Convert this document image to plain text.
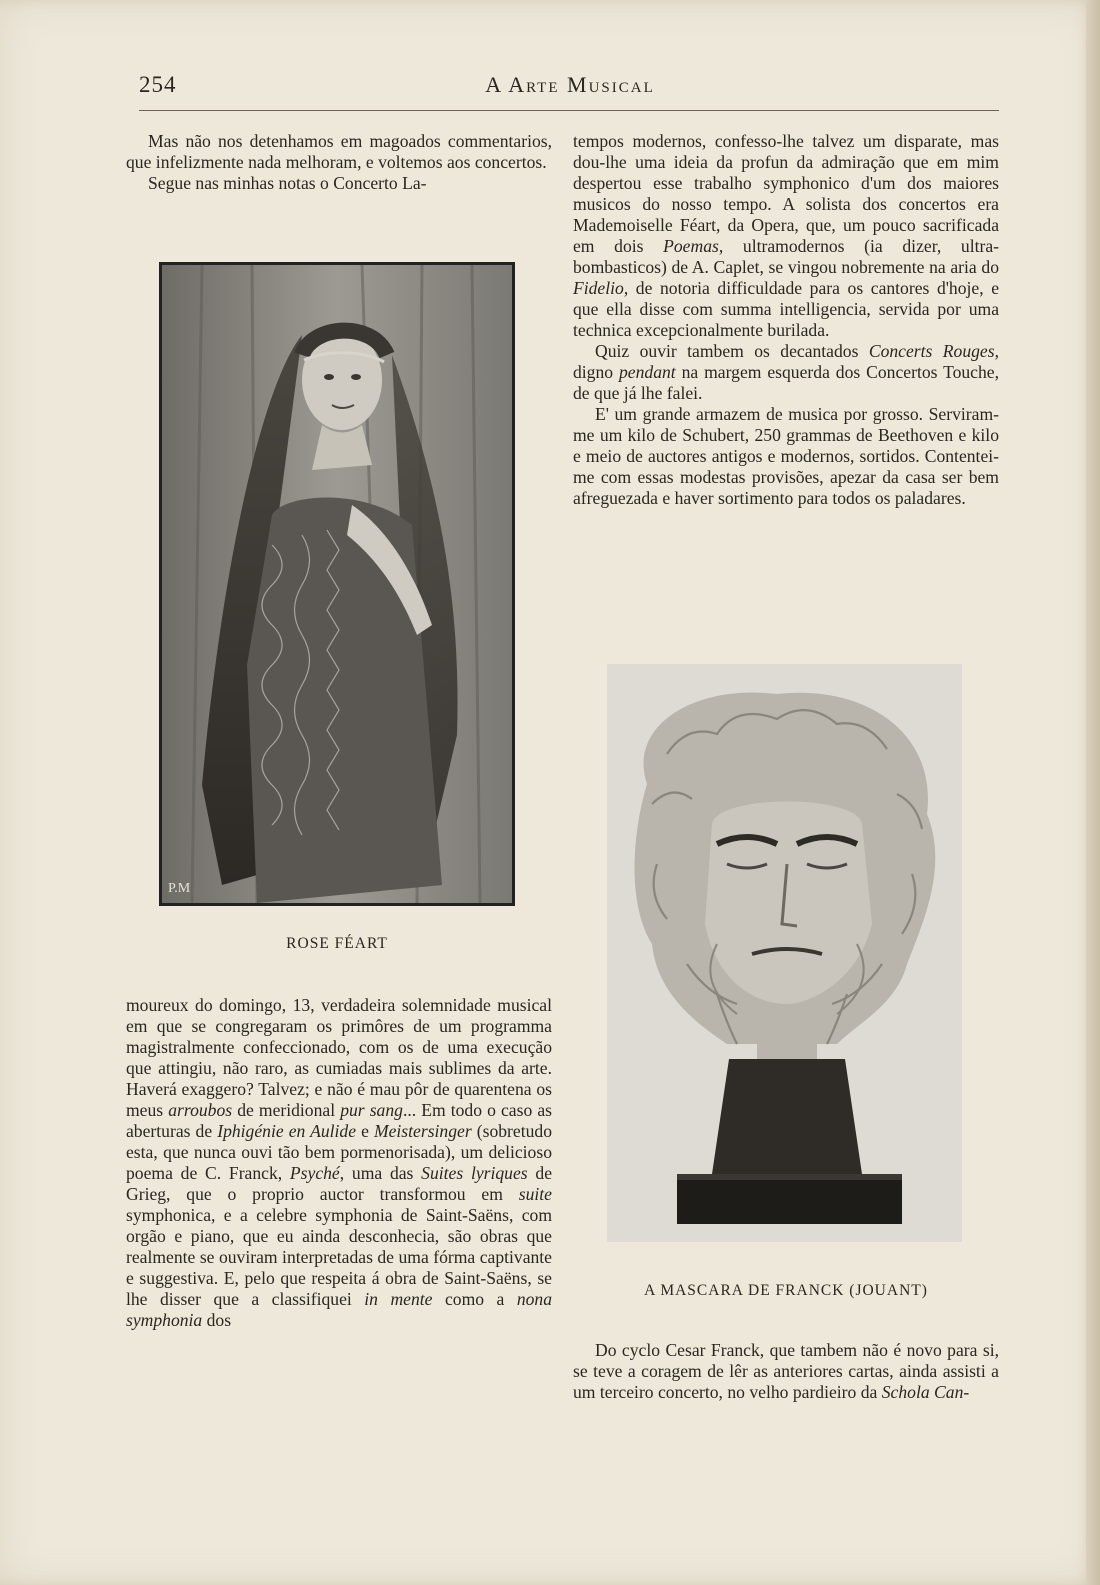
254	A Arte Musical

Mas não nos detenhamos em magoados commentarios, que infelizmente nada melhoram, e voltemos aos concertos.

Segue nas minhas notas o Concerto La-

tempos modernos, confesso-lhe talvez um disparate, mas dou-lhe uma ideia da profun da admiração que em mim despertou esse trabalho symphonico d'um dos maiores musicos do nosso tempo. A solista dos concertos era Mademoiselle Féart, da Opera, que, um pouco sacrificada em dois Poemas, ultramodernos (ia dizer, ultra-bombasticos) de A. Caplet, se vingou nobremente na aria do Fidelio, de notoria difficuldade para os cantores d'hoje, e que ella disse com summa intelligencia, servida por uma technica excepcionalmente burilada.

Quiz ouvir tambem os decantados Concerts Rouges, digno pendant na margem esquerda dos Concertos Touche, de que já lhe falei.

E' um grande armazem de musica por grosso. Serviram-me um kilo de Schubert, 250 grammas de Beethoven e kilo e meio de auctores antigos e modernos, sortidos. Contentei-me com essas modestas provisões, apezar da casa ser bem afreguezada e haver sortimento para todos os paladares.

P.M
ROSE FÉART
A MASCARA DE FRANCK (JOUANT)

moureux do domingo, 13, verdadeira solemnidade musical em que se congregaram os primôres de um programma magistralmente confeccionado, com os de uma execução que attingiu, não raro, as cumiadas mais sublimes da arte. Haverá exaggero? Talvez; e não é mau pôr de quarentena os meus arroubos de meridional pur sang... Em todo o caso as aberturas de Iphigénie en Aulide e Meistersinger (sobretudo esta, que nunca ouvi tão bem pormenorisada), um delicioso poema de C. Franck, Psyché, uma das Suites lyriques de Grieg, que o proprio auctor transformou em suite symphonica, e a celebre symphonia de Saint-Saëns, com orgão e piano, que eu ainda desconhecia, são obras que realmente se ouviram interpretadas de uma fórma captivante e suggestiva. E, pelo que respeita á obra de Saint-Saëns, se lhe disser que a classifiquei in mente como a nona symphonia dos

Do cyclo Cesar Franck, que tambem não é novo para si, se teve a coragem de lêr as anteriores cartas, ainda assisti a um terceiro concerto, no velho pardieiro da Schola Can-
